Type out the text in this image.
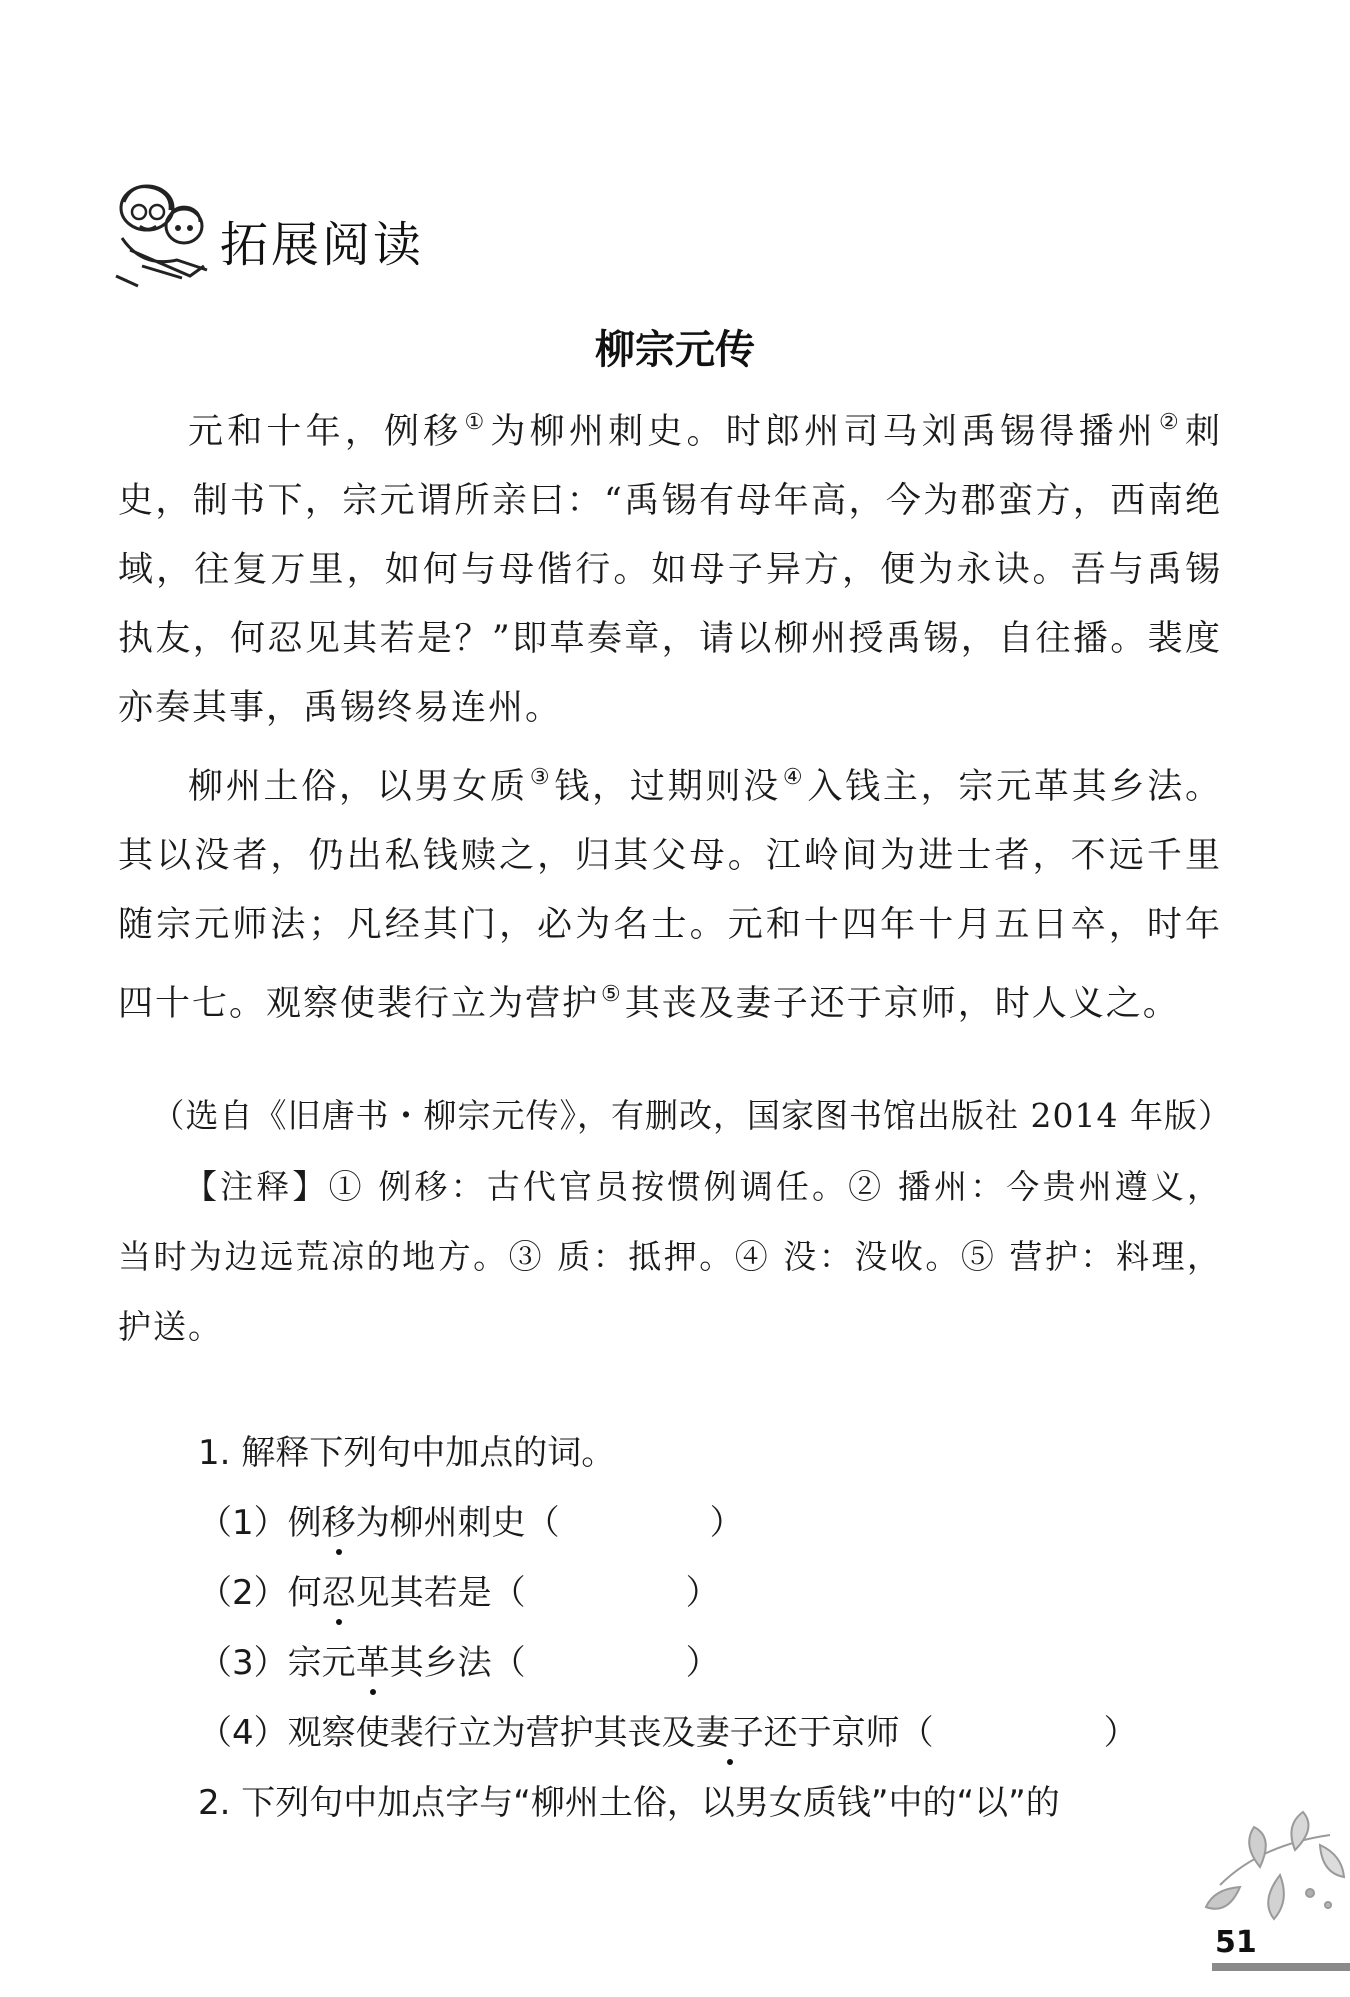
拓展阅读
柳宗元传

元和十年，例移①为柳州刺史。时郎州司马刘禹锡得播州②刺史，制书下，宗元谓所亲曰：“禹锡有母年高，今为郡蛮方，西南绝域，往复万里，如何与母偕行。如母子异方，便为永诀。吾与禹锡执友，何忍见其若是？”即草奏章，请以柳州授禹锡，自往播。裴度亦奏其事，禹锡终易连州。

柳州土俗，以男女质③钱，过期则没④入钱主，宗元革其乡法。其以没者，仍出私钱赎之，归其父母。江岭间为进士者，不远千里随宗元师法；凡经其门，必为名士。元和十四年十月五日卒，时年四十七。观察使裴行立为营护⑤其丧及妻子还于京师，时人义之。

（选自《旧唐书・柳宗元传》，有删改，国家图书馆出版社 2014 年版）

【注释】① 例移：古代官员按惯例调任。② 播州：今贵州遵义，当时为边远荒凉的地方。③ 质：抵押。④ 没：没收。⑤ 营护：料理，护送。

1. 解释下列句中加点的词。
（1）例移为柳州刺史（	）
（2）何忍见其若是（	）
（3）宗元革其乡法（	）
（4）观察使裴行立为营护其丧及妻子还于京师（	）
2. 下列句中加点字与“柳州土俗，以男女质钱”中的“以”的
51
